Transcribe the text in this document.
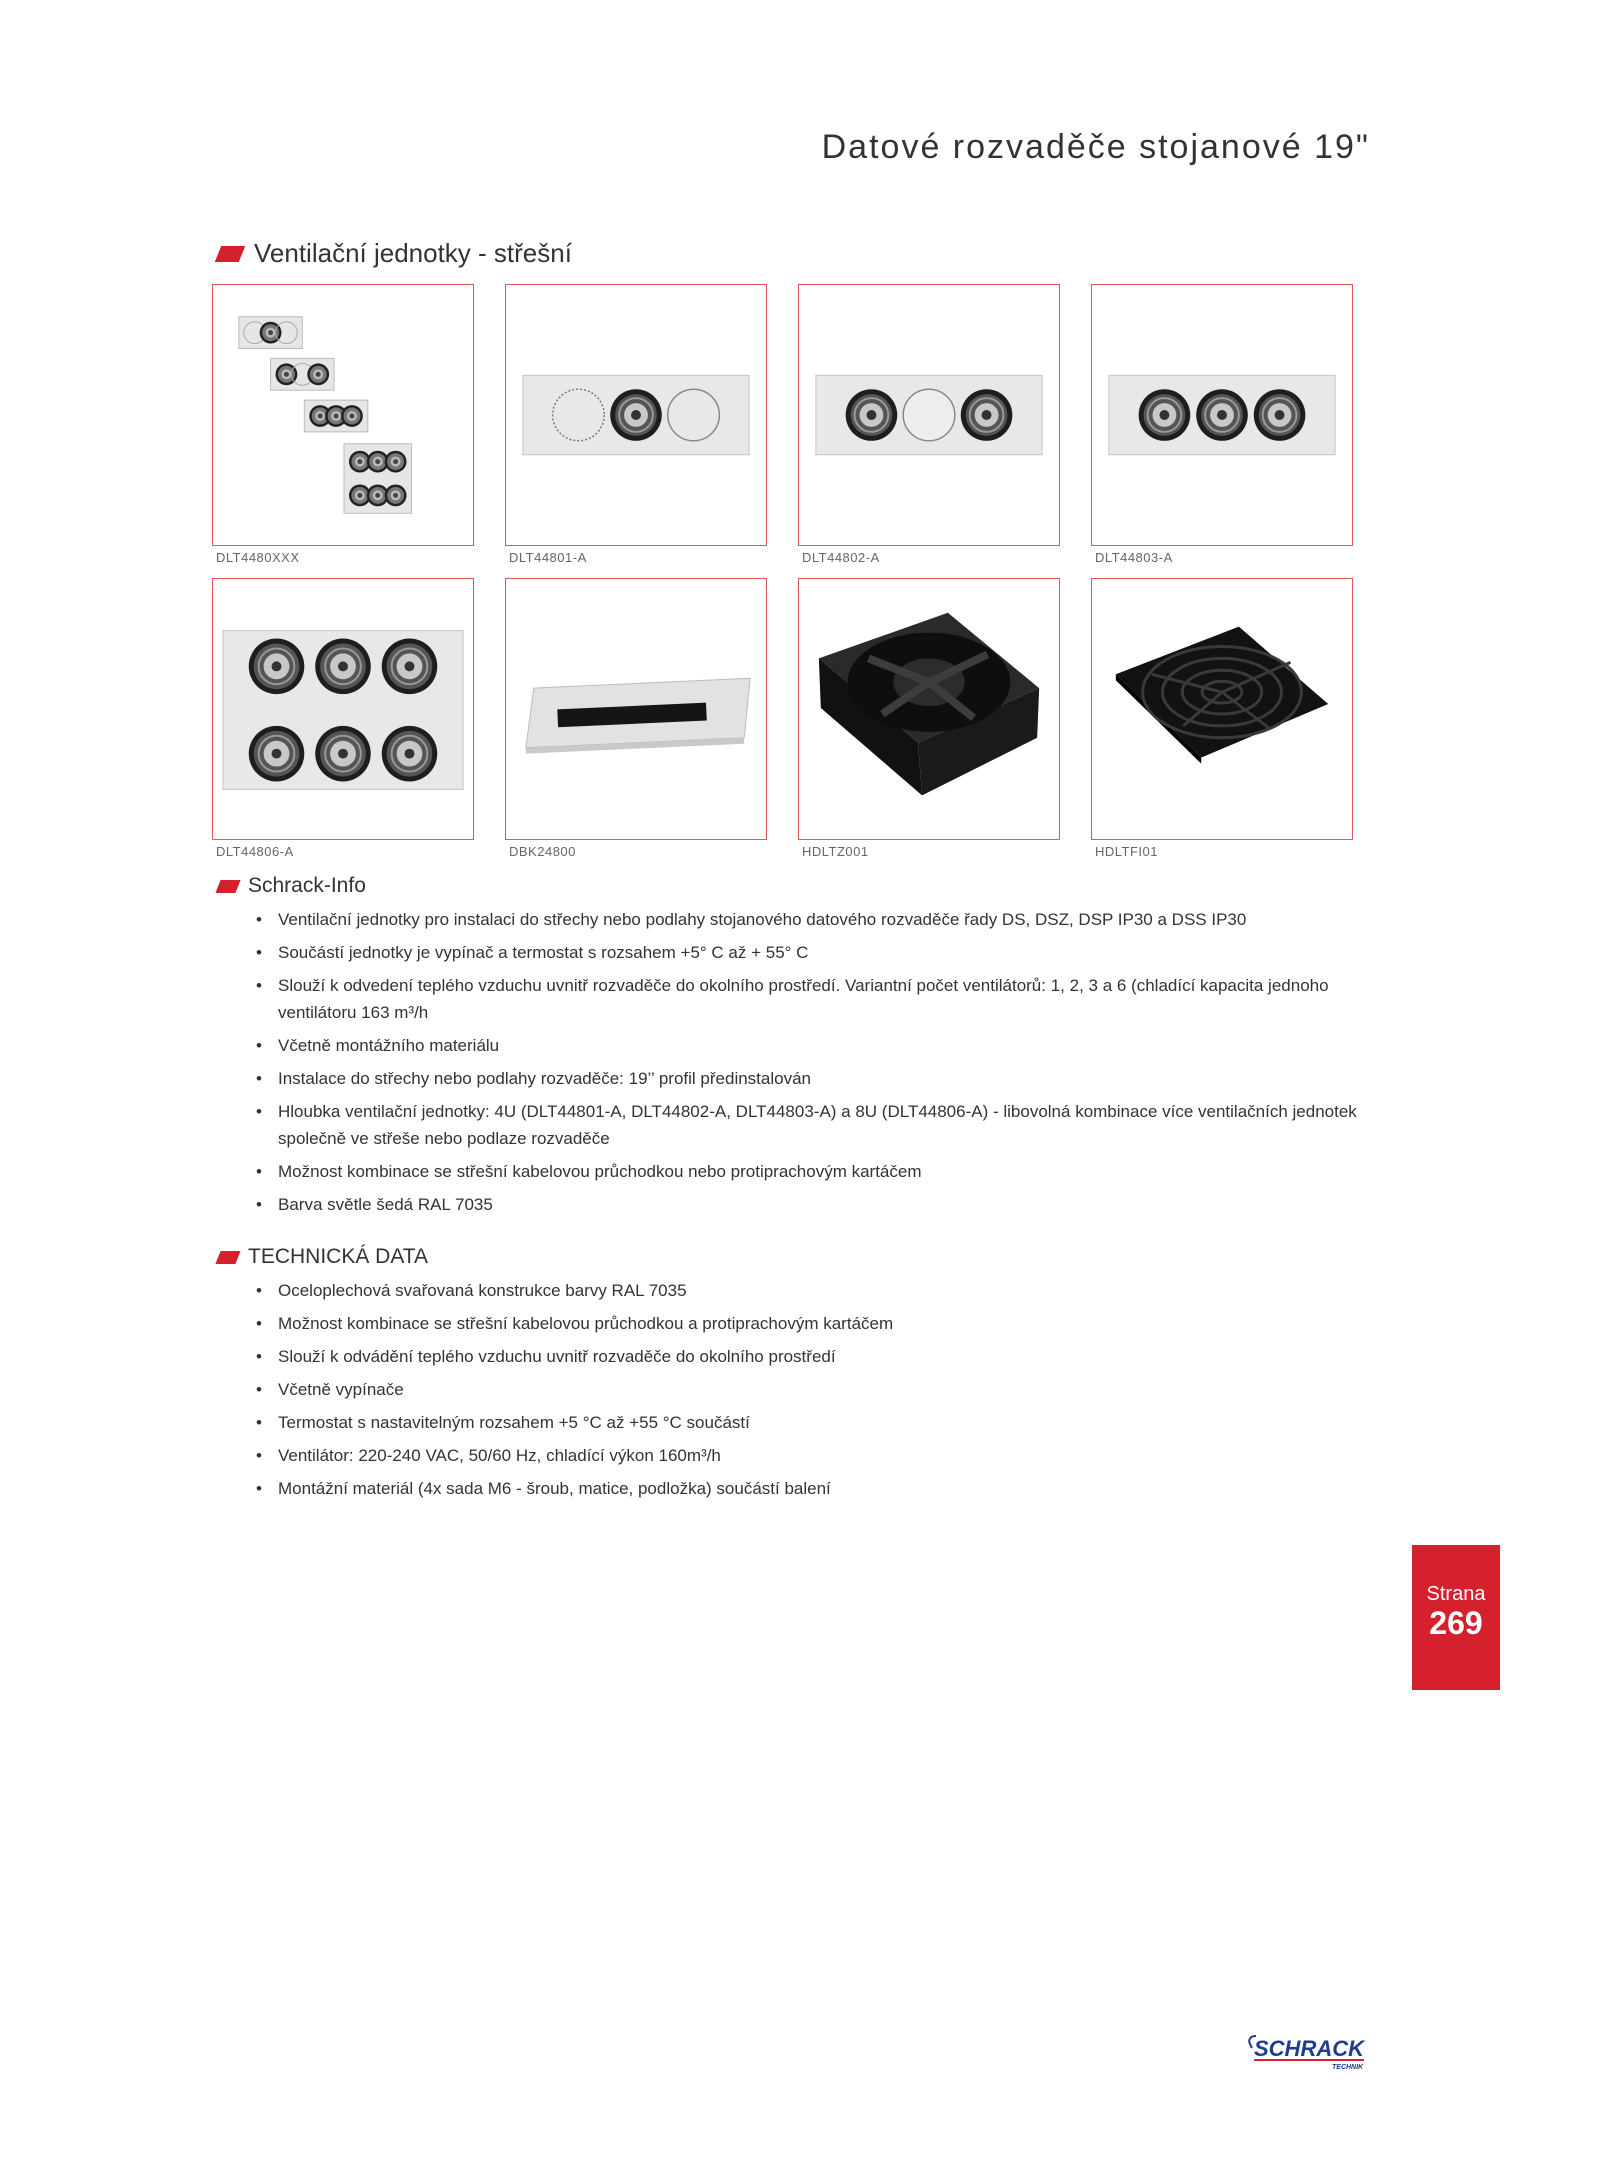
Datové rozvaděče stojanové 19"
Ventilační jednotky - střešní
DLT4480XXX	DLT44801-A	DLT44802-A	DLT44803-A
DLT44806-A	DBK24800	HDLTZ001	HDLTFI01
Schrack-Info
• Ventilační jednotky pro instalaci do střechy nebo podlahy stojanového datového rozvaděče řady DS, DSZ, DSP IP30 a DSS IP30
• Součástí jednotky je vypínač a termostat s rozsahem +5° C až + 55° C
• Slouží k odvedení teplého vzduchu uvnitř rozvaděče do okolního prostředí. Variantní počet ventilátorů: 1, 2, 3 a 6 (chladící kapacita jednoho ventilátoru 163 m³/h
• Včetně montážního materiálu
• Instalace do střechy nebo podlahy rozvaděče: 19’’ profil předinstalován
• Hloubka ventilační jednotky: 4U (DLT44801-A, DLT44802-A, DLT44803-A) a 8U (DLT44806-A) - libovolná kombinace více ventilačních jednotek společně ve střeše nebo podlaze rozvaděče
• Možnost kombinace se střešní kabelovou průchodkou nebo protiprachovým kartáčem
• Barva světle šedá RAL 7035
TECHNICKÁ DATA
• Oceloplechová svařovaná konstrukce barvy RAL 7035
• Možnost kombinace se střešní kabelovou průchodkou a protiprachovým kartáčem
• Slouží k odvádění teplého vzduchu uvnitř rozvaděče do okolního prostředí
• Včetně vypínače
• Termostat s nastavitelným rozsahem +5 °C až +55 °C součástí
• Ventilátor: 220-240 VAC, 50/60 Hz, chladící výkon 160m³/h
• Montážní materiál (4x sada M6 - šroub, matice, podložka) součástí balení
Strana
269
SCHRACK
TECHNIK
